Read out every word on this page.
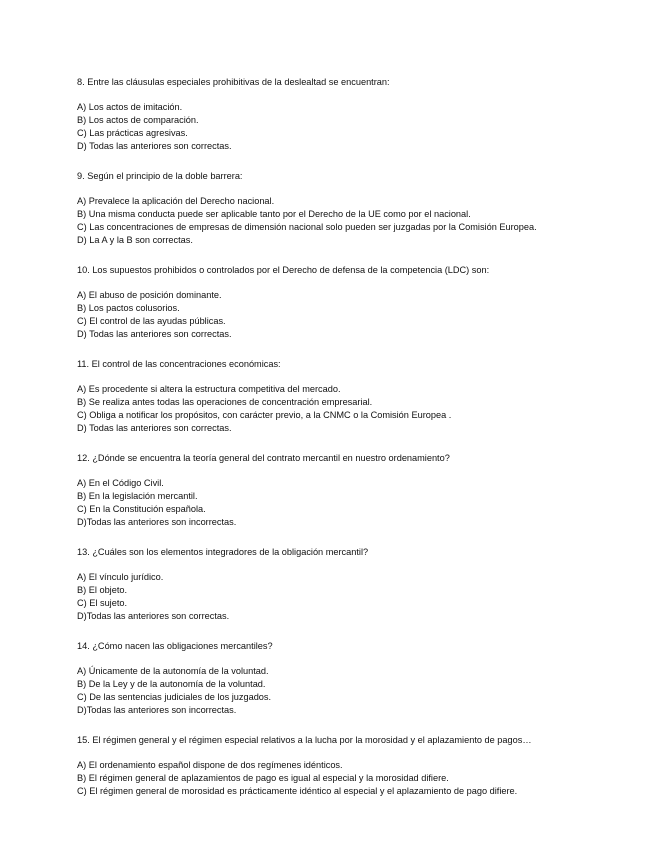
8. Entre las cláusulas especiales prohibitivas de la deslealtad se encuentran:
A) Los actos de imitación.
B) Los actos de comparación.
C) Las prácticas agresivas.
D) Todas las anteriores son correctas.
9. Según el principio de la doble barrera:
A) Prevalece la aplicación del Derecho nacional.
B) Una misma conducta puede ser aplicable tanto por el Derecho de la UE como por el nacional.
C) Las concentraciones de empresas de dimensión nacional solo pueden ser juzgadas por la Comisión Europea.
D) La A y la B son correctas.
10. Los supuestos prohibidos o controlados por el Derecho de defensa de la competencia (LDC) son:
A) El abuso de posición dominante.
B) Los pactos colusorios.
C) El control de las ayudas públicas.
D) Todas las anteriores son correctas.
11. El control de las concentraciones económicas:
A) Es procedente si altera la estructura competitiva del mercado.
B) Se realiza antes todas las operaciones de concentración empresarial.
C) Obliga a notificar los propósitos, con carácter previo, a la CNMC o la Comisión Europea .
D) Todas las anteriores son correctas.
12. ¿Dónde se encuentra la teoría general del contrato mercantil en nuestro ordenamiento?
A) En el Código Civil.
B) En la legislación mercantil.
C) En la Constitución española.
D)Todas las anteriores son incorrectas.
13. ¿Cuáles son los elementos integradores de la obligación mercantil?
A) El vínculo jurídico.
B) El objeto.
C) El sujeto.
D)Todas las anteriores son correctas.
14. ¿Cómo nacen las obligaciones mercantiles?
A) Únicamente de la autonomía de la voluntad.
B) De la Ley y de la autonomía de la voluntad.
C) De las sentencias judiciales de los juzgados.
D)Todas las anteriores son incorrectas.
15. El régimen general y el régimen especial relativos a la lucha por la morosidad y el aplazamiento de pagos…
A) El ordenamiento español dispone de dos regímenes idénticos.
B) El régimen general de aplazamientos de pago es igual al especial y la morosidad difiere.
C) El régimen general de morosidad es prácticamente idéntico al especial y el aplazamiento de pago difiere.
